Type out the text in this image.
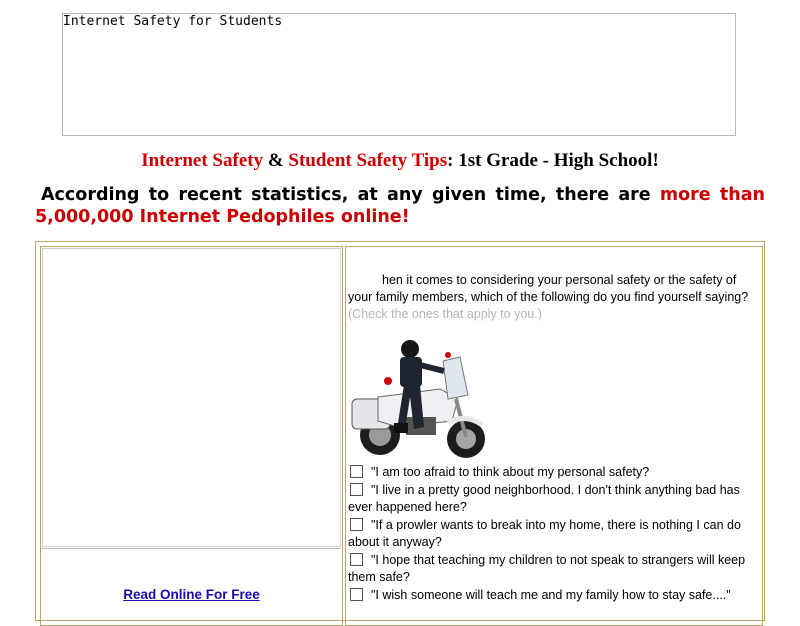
Internet Safety for Students
Internet Safety & Student Safety Tips: 1st Grade - High School!
According to recent statistics, at any given time, there are more than 5,000,000 Internet Pedophiles online!
Read Online For Free
hen it comes to considering your personal safety or the safety of your family members, which of the following do you find yourself saying? (Check the ones that apply to you.)
"I am too afraid to think about my personal safety?
"I live in a pretty good neighborhood. I don't think anything bad has ever happened here?
"If a prowler wants to break into my home, there is nothing I can do about it anyway?
"I hope that teaching my children to not speak to strangers will keep them safe?
"I wish someone will teach me and my family how to stay safe...."
